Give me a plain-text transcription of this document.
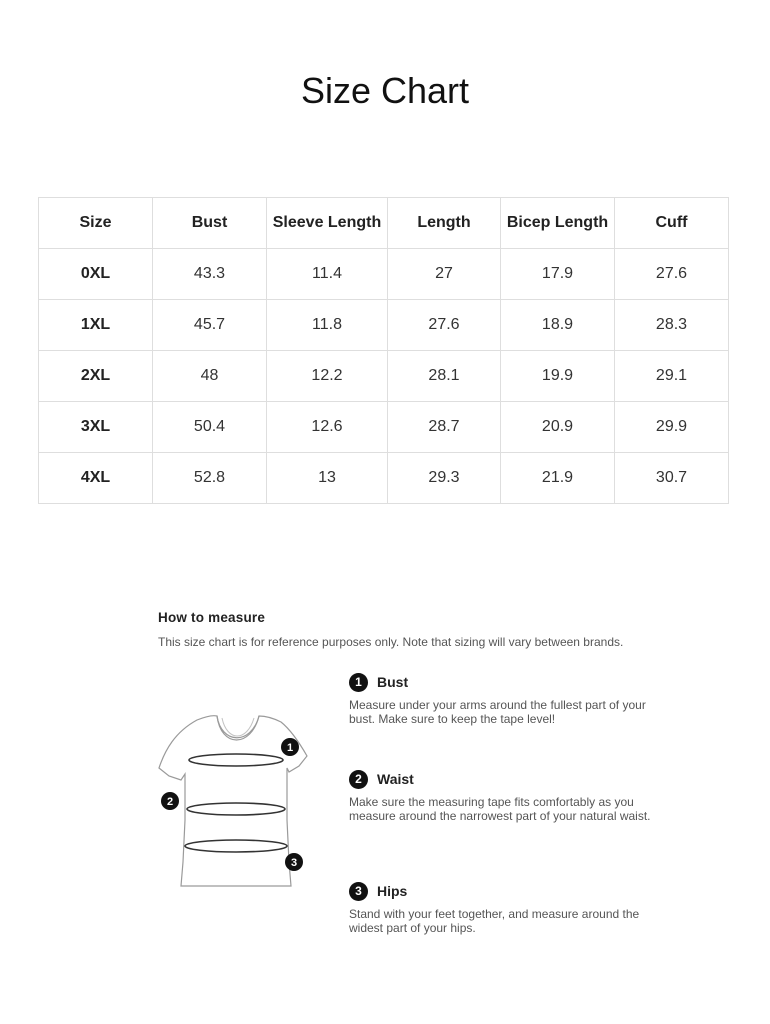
Size Chart
Size	Bust	Sleeve Length	Length	Bicep Length	Cuff
0XL	43.3	11.4	27	17.9	27.6
1XL	45.7	11.8	27.6	18.9	28.3
2XL	48	12.2	28.1	19.9	29.1
3XL	50.4	12.6	28.7	20.9	29.9
4XL	52.8	13	29.3	21.9	30.7
How to measure
This size chart is for reference purposes only. Note that sizing will vary between brands.
1
2
3
1	Bust
Measure under your arms around the fullest part of your bust. Make sure to keep the tape level!
2	Waist
Make sure the measuring tape fits comfortably as you measure around the narrowest part of your natural waist.
3	Hips
Stand with your feet together, and measure around the widest part of your hips.
